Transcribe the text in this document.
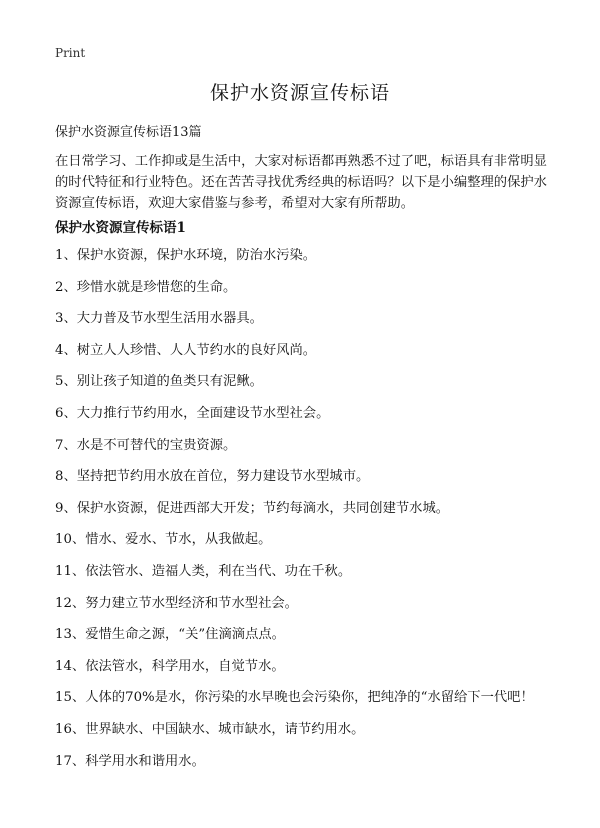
Print
保护水资源宣传标语
保护水资源宣传标语13篇
在日常学习、工作抑或是生活中，大家对标语都再熟悉不过了吧，标语具有非常明显的时代特征和行业特色。还在苦苦寻找优秀经典的标语吗？以下是小编整理的保护水资源宣传标语，欢迎大家借鉴与参考，希望对大家有所帮助。
保护水资源宣传标语1
1、保护水资源，保护水环境，防治水污染。
2、珍惜水就是珍惜您的生命。
3、大力普及节水型生活用水器具。
4、树立人人珍惜、人人节约水的良好风尚。
5、别让孩子知道的鱼类只有泥鳅。
6、大力推行节约用水，全面建设节水型社会。
7、水是不可替代的宝贵资源。
8、坚持把节约用水放在首位，努力建设节水型城市。
9、保护水资源，促进西部大开发；节约每滴水，共同创建节水城。
10、惜水、爱水、节水，从我做起。
11、依法管水、造福人类，利在当代、功在千秋。
12、努力建立节水型经济和节水型社会。
13、爱惜生命之源，“关”住滴滴点点。
14、依法管水，科学用水，自觉节水。
15、人体的70%是水，你污染的水早晚也会污染你，把纯净的“水留给下一代吧！
16、世界缺水、中国缺水、城市缺水，请节约用水。
17、科学用水和谐用水。
